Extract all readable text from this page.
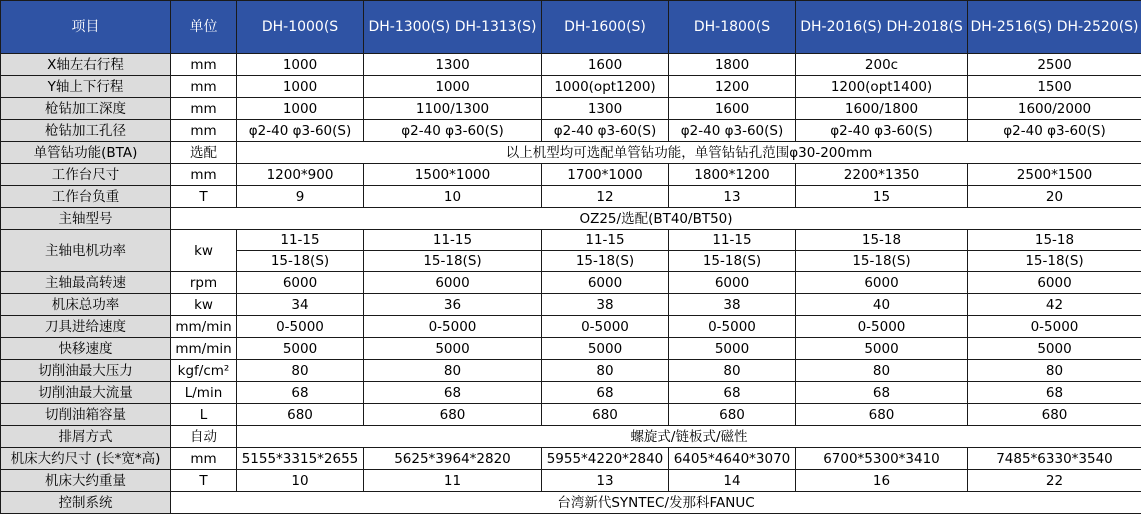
项目	单位	DH-1000(S	DH-1300(S) DH-1313(S)	DH-1600(S)	DH-1800(S	DH-2016(S) DH-2018(S	DH-2516(S) DH-2520(S)
X轴左右行程	mm	1000	1300	1600	1800	200c	2500
Y轴上下行程	mm	1000	1000	1000(opt1200)	1200	1200(opt1400)	1500
枪钻加工深度	mm	1000	1100/1300	1300	1600	1600/1800	1600/2000
枪钻加工孔径	mm	φ2-40 φ3-60(S)	φ2-40 φ3-60(S)	φ2-40 φ3-60(S)	φ2-40 φ3-60(S)	φ2-40 φ3-60(S)	φ2-40 φ3-60(S)
单管钻功能(BTA)	选配	以上机型均可选配单管钻功能，单管钻钻孔范围φ30-200mm					
工作台尺寸	mm	1200*900	1500*1000	1700*1000	1800*1200	2200*1350	2500*1500
工作台负重	T	9	10	12	13	15	20
主轴型号	OZ25/选配(BT40/BT50)						
主轴电机功率	kw	11-15	11-15	11-15	11-15	15-18	15-18
		15-18(S)	15-18(S)	15-18(S)	15-18(S)	15-18(S)	15-18(S)
主轴最高转速	rpm	6000	6000	6000	6000	6000	6000
机床总功率	kw	34	36	38	38	40	42
刀具进给速度	mm/min	0-5000	0-5000	0-5000	0-5000	0-5000	0-5000
快移速度	mm/min	5000	5000	5000	5000	5000	5000
切削油最大压力	kgf/cm²	80	80	80	80	80	80
切削油最大流量	L/min	68	68	68	68	68	68
切削油箱容量	L	680	680	680	680	680	680
排屑方式	自动	螺旋式/链板式/磁性					
机床大约尺寸 (长*宽*高)	mm	5155*3315*2655	5625*3964*2820	5955*4220*2840	6405*4640*3070	6700*5300*3410	7485*6330*3540
机床大约重量	T	10	11	13	14	16	22
控制系统	台湾新代SYNTEC/发那科FANUC						
